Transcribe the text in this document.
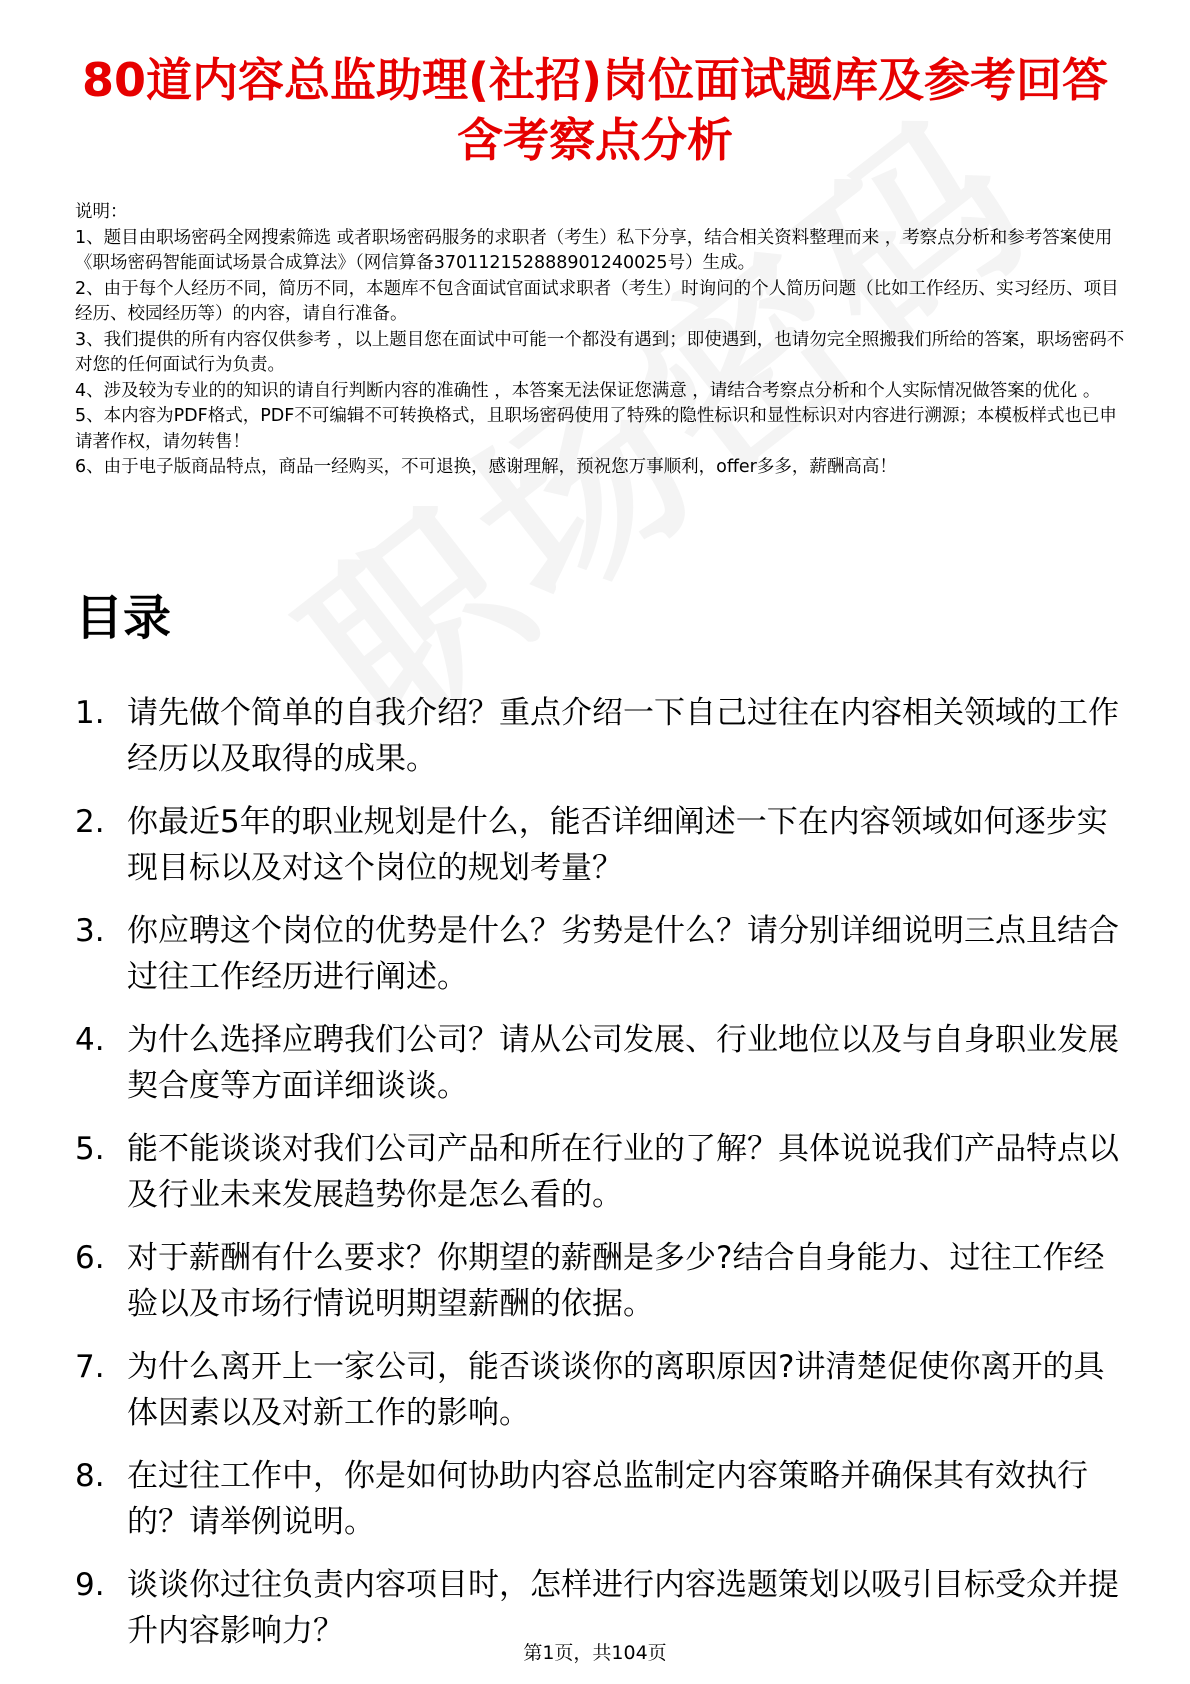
80道内容总监助理(社招)岗位面试题库及参考回答含考察点分析

说明：

1、题目由职场密码全网搜索筛选 或者职场密码服务的求职者（考生）私下分享，结合相关资料整理而来 ，考察点分析和参考答案使用《职场密码智能面试场景合成算法》（网信算备370112152888901240025号）生成。

2、由于每个人经历不同，简历不同，本题库不包含面试官面试求职者（考生）时询问的个人简历问题（比如工作经历、实习经历、项目经历、校园经历等）的内容，请自行准备。

3、我们提供的所有内容仅供参考 ，以上题目您在面试中可能一个都没有遇到；即使遇到，也请勿完全照搬我们所给的答案，职场密码不对您的任何面试行为负责。

4、涉及较为专业的的知识的请自行判断内容的准确性 ，本答案无法保证您满意 ，请结合考察点分析和个人实际情况做答案的优化 。

5、本内容为PDF格式，PDF不可编辑不可转换格式，且职场密码使用了特殊的隐性标识和显性标识对内容进行溯源；本模板样式也已申请著作权，请勿转售！

6、由于电子版商品特点，商品一经购买，不可退换，感谢理解，预祝您万事顺利，offer多多，薪酬高高！

目录
1. 请先做个简单的自我介绍？重点介绍一下自己过往在内容相关领域的工作经历以及取得的成果。
2. 你最近5年的职业规划是什么，能否详细阐述一下在内容领域如何逐步实现目标以及对这个岗位的规划考量？
3. 你应聘这个岗位的优势是什么？劣势是什么？请分别详细说明三点且结合过往工作经历进行阐述。
4. 为什么选择应聘我们公司？请从公司发展、行业地位以及与自身职业发展契合度等方面详细谈谈。
5. 能不能谈谈对我们公司产品和所在行业的了解？具体说说我们产品特点以及行业未来发展趋势你是怎么看的。
6. 对于薪酬有什么要求？你期望的薪酬是多少?结合自身能力、过往工作经验以及市场行情说明期望薪酬的依据。
7. 为什么离开上一家公司，能否谈谈你的离职原因?讲清楚促使你离开的具体因素以及对新工作的影响。
8. 在过往工作中，你是如何协助内容总监制定内容策略并确保其有效执行的？请举例说明。
9. 谈谈你过往负责内容项目时，怎样进行内容选题策划以吸引目标受众并提升内容影响力？
第1页，共104页
